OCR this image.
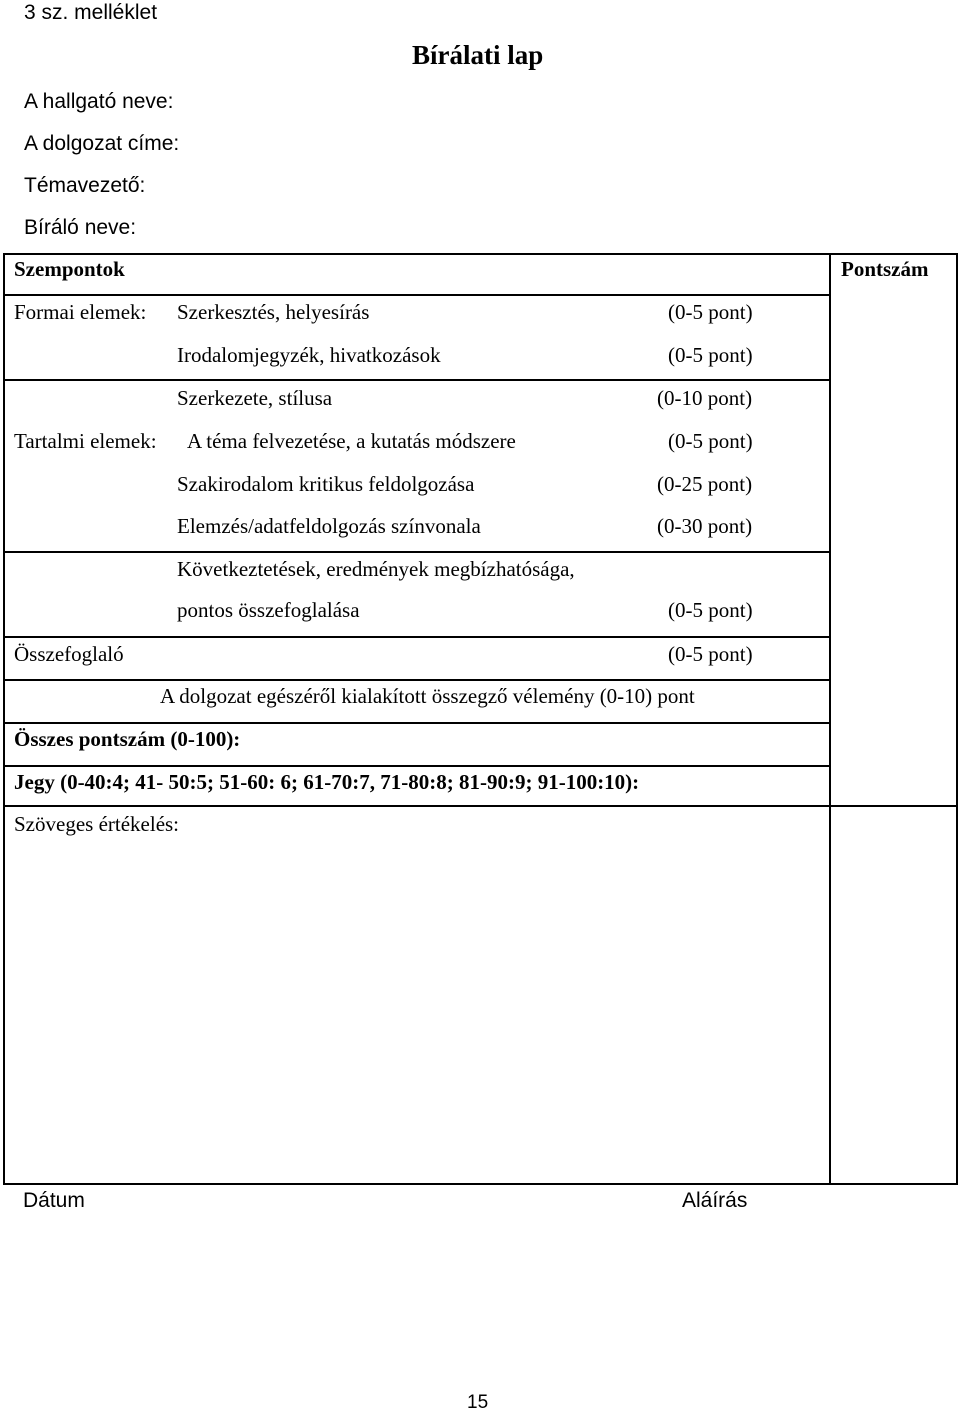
3 sz. melléklet
Bírálati lap
A hallgató neve:
A dolgozat címe:
Témavezető:
Bíráló neve:
Szempontok	Pontszám
Formai elemek: Szerkesztés, helyesírás	(0-5 pont)
Irodalomjegyzék, hivatkozások	(0-5 pont)
Szerkezete, stílusa	(0-10 pont)
Tartalmi elemek: A téma felvezetése, a kutatás módszere	(0-5 pont)
Szakirodalom kritikus feldolgozása	(0-25 pont)
Elemzés/adatfeldolgozás színvonala	(0-30 pont)
Következtetések, eredmények megbízhatósága,
pontos összefoglalása	(0-5 pont)
Összefoglaló	(0-5 pont)
A dolgozat egészéről kialakított összegző vélemény (0-10) pont
Összes pontszám (0-100):
Jegy (0-40:4; 41- 50:5; 51-60: 6; 61-70:7, 71-80:8; 81-90:9; 91-100:10):
Szöveges értékelés:
Dátum	Aláírás
15
